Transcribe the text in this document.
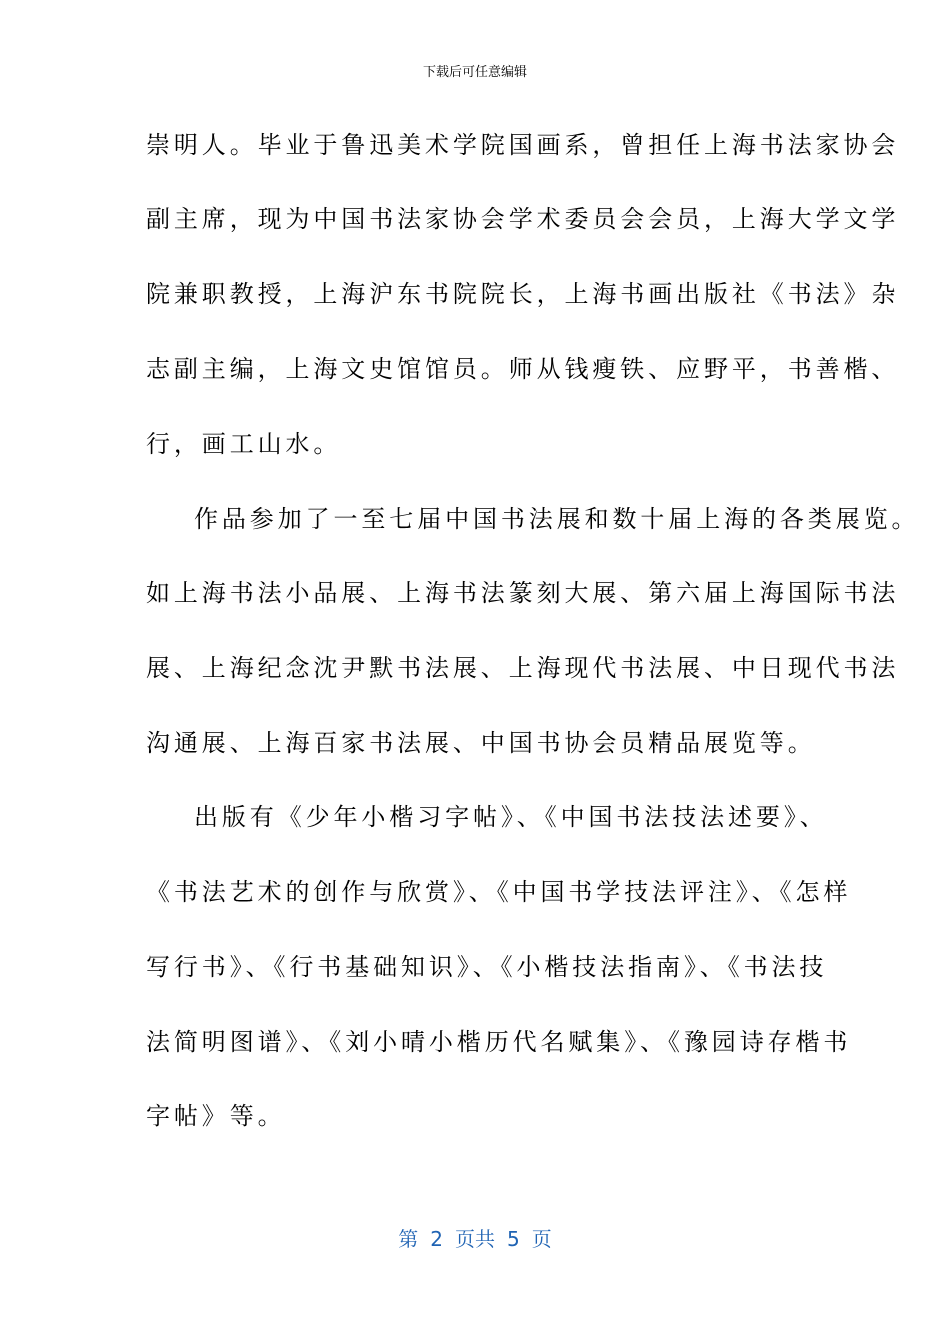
下载后可任意编辑
崇明人。毕业于鲁迅美术学院国画系，曾担任上海书法家协会
副主席，现为中国书法家协会学术委员会会员，上海大学文学
院兼职教授，上海沪东书院院长，上海书画出版社《书法》杂
志副主编，上海文史馆馆员。师从钱瘦铁、应野平，书善楷、
行，画工山水。
作品参加了一至七届中国书法展和数十届上海的各类展览。
如上海书法小品展、上海书法篆刻大展、第六届上海国际书法
展、上海纪念沈尹默书法展、上海现代书法展、中日现代书法
沟通展、上海百家书法展、中国书协会员精品展览等。
出版有《少年小楷习字帖》、《中国书法技法述要》、
《书法艺术的创作与欣赏》、《中国书学技法评注》、《怎样
写行书》、《行书基础知识》、《小楷技法指南》、《书法技
法简明图谱》、《刘小晴小楷历代名赋集》、《豫园诗存楷书
字帖》等。
第 2 页共 5 页
